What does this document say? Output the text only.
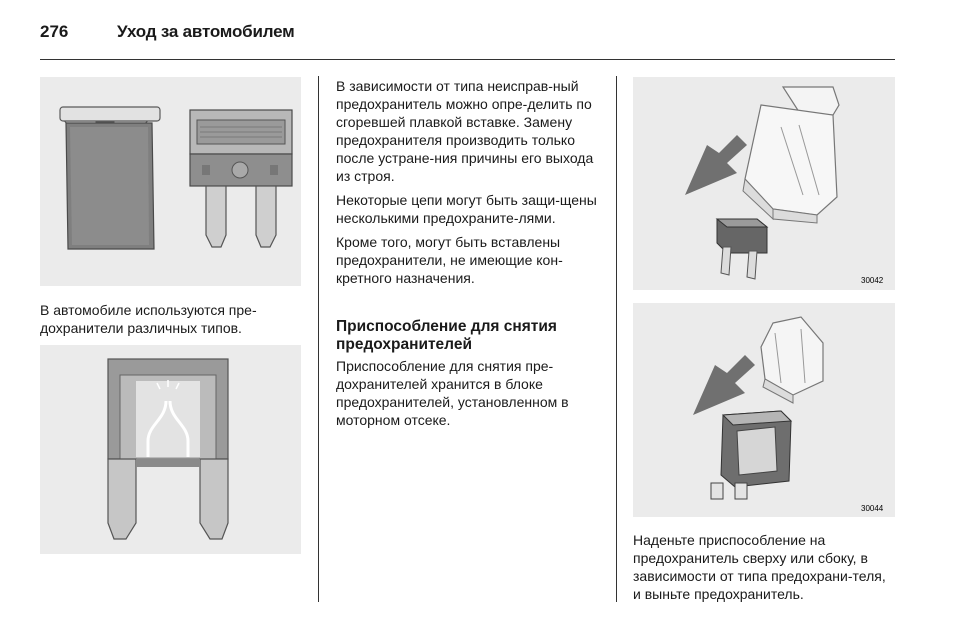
276	Уход за автомобилем
В автомобиле используются пре-дохранители различных типов.

В зависимости от типа неисправ-ный предохранитель можно опре-делить по сгоревшей плавкой вставке. Замену предохранителя производить только после устране-ния причины его выхода из строя.

Некоторые цепи могут быть защи-щены несколькими предохраните-лями.

Кроме того, могут быть вставлены предохранители, не имеющие кон-кретного назначения.

Приспособление для снятия предохранителей
Приспособление для снятия пре-дохранителей хранится в блоке предохранителей, установленном в моторном отсеке.
30042
30044
Наденьте приспособление на предохранитель сверху или сбоку, в зависимости от типа предохрани-теля, и выньте предохранитель.
